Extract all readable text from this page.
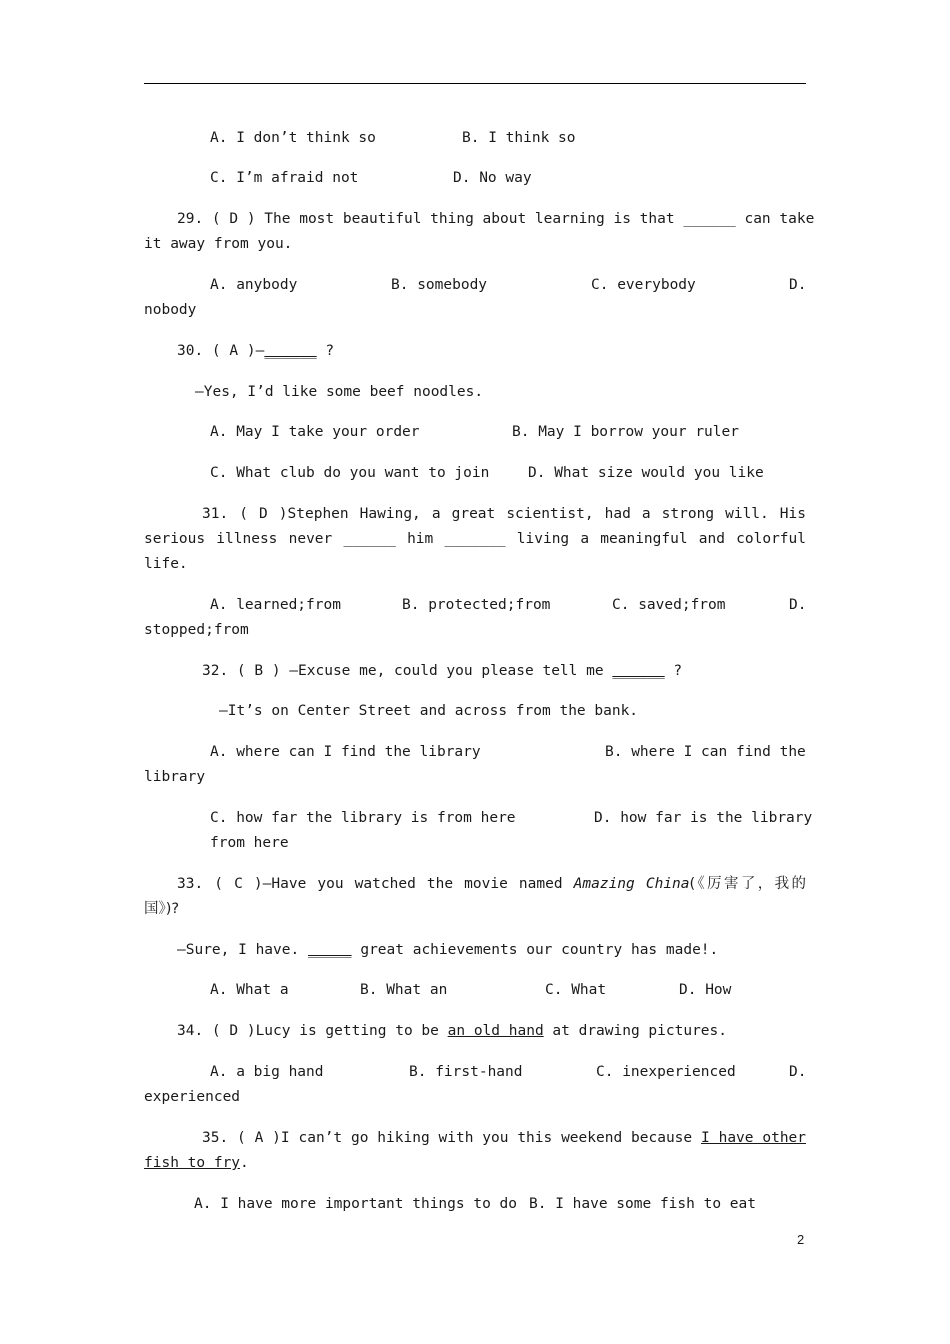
A. I don’t think so	B. I think so
C. I’m afraid not	D. No way
29. ( D ) The most beautiful thing about learning is that ______ can take
it away from you.
A. anybody	B. somebody	C. everybody	D.
nobody
30. ( A )—______ ?
—Yes, I’d like some beef noodles.
A. May I take your order	B. May I borrow your ruler
C. What club do you want to join	D. What size would you like
31. ( D )Stephen Hawing, a great scientist, had a strong will. His
serious illness never ______ him _______ living a meaningful and colorful
life.
A. learned;from	B. protected;from	C. saved;from	D.
stopped;from
32. ( B ) —Excuse me, could you please tell me ______ ?
—It’s on Center Street and across from the bank.
A. where can I find the library	B. where I can find the
library
C. how far the library is from here	D. how far is the library
from here
33. ( C )—Have you watched the movie named Amazing China(《厉害了，我的
国》)?
—Sure, I have. _____ great achievements our country has made!.
A. What a	B. What an	C. What	D. How
34. ( D )Lucy is getting to be an old hand at drawing pictures.
A. a big hand	B. first-hand	C. inexperienced	D.
experienced
35. ( A )I can’t go hiking with you this weekend because I have other
fish to fry.
A. I have more important things to do B. I have some fish to eat
2
